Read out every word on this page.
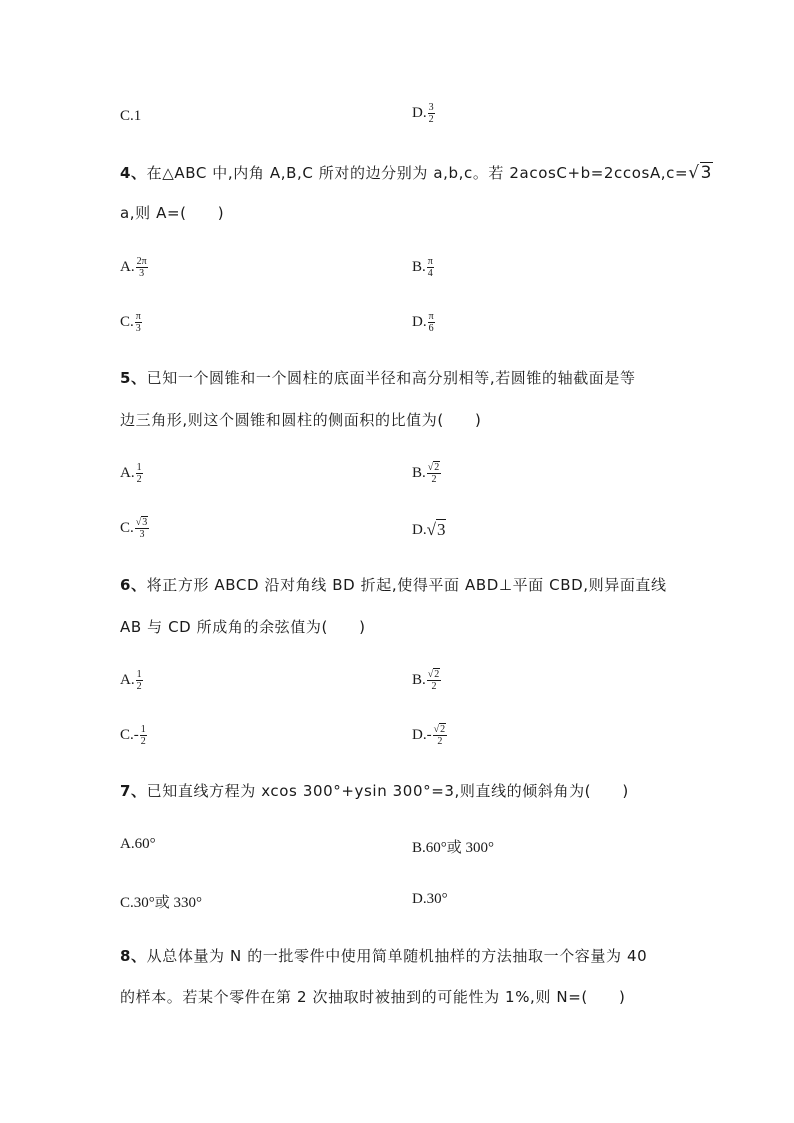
C. 1	D. $\frac{3}{2}$
4、在△ABC 中,内角 A,B,C 所对的边分别为 a,b,c。若 2acosC+b=2ccosA,c=√3
a,则 A=(　　)
A. $\frac{2\pi}{3}$	B. $\frac{\pi}{4}$
C. $\frac{\pi}{3}$	D. $\frac{\pi}{6}$
5、已知一个圆锥和一个圆柱的底面半径和高分别相等,若圆锥的轴截面是等
边三角形,则这个圆锥和圆柱的侧面积的比值为(　　)
A. $\frac{1}{2}$	B. $\frac{√2}{2}$
C. $\frac{√3}{3}$	D. √3
6、将正方形 ABCD 沿对角线 BD 折起,使得平面 ABD⊥平面 CBD,则异面直线
AB 与 CD 所成角的余弦值为(　　)
A. $\frac{1}{2}$	B. $\frac{√2}{2}$
$C.- \frac{1}{2}$	$D.- \frac{√2}{2}$
7、已知直线方程为 xcos 300°+ysin 300°=3,则直线的倾斜角为(　　)
A.60°	B.60°或 300°
C.30°或 330°	D.30°
8、从总体量为 N 的一批零件中使用简单随机抽样的方法抽取一个容量为 40
的样本。若某个零件在第 2 次抽取时被抽到的可能性为 1%,则 N=(　　)
